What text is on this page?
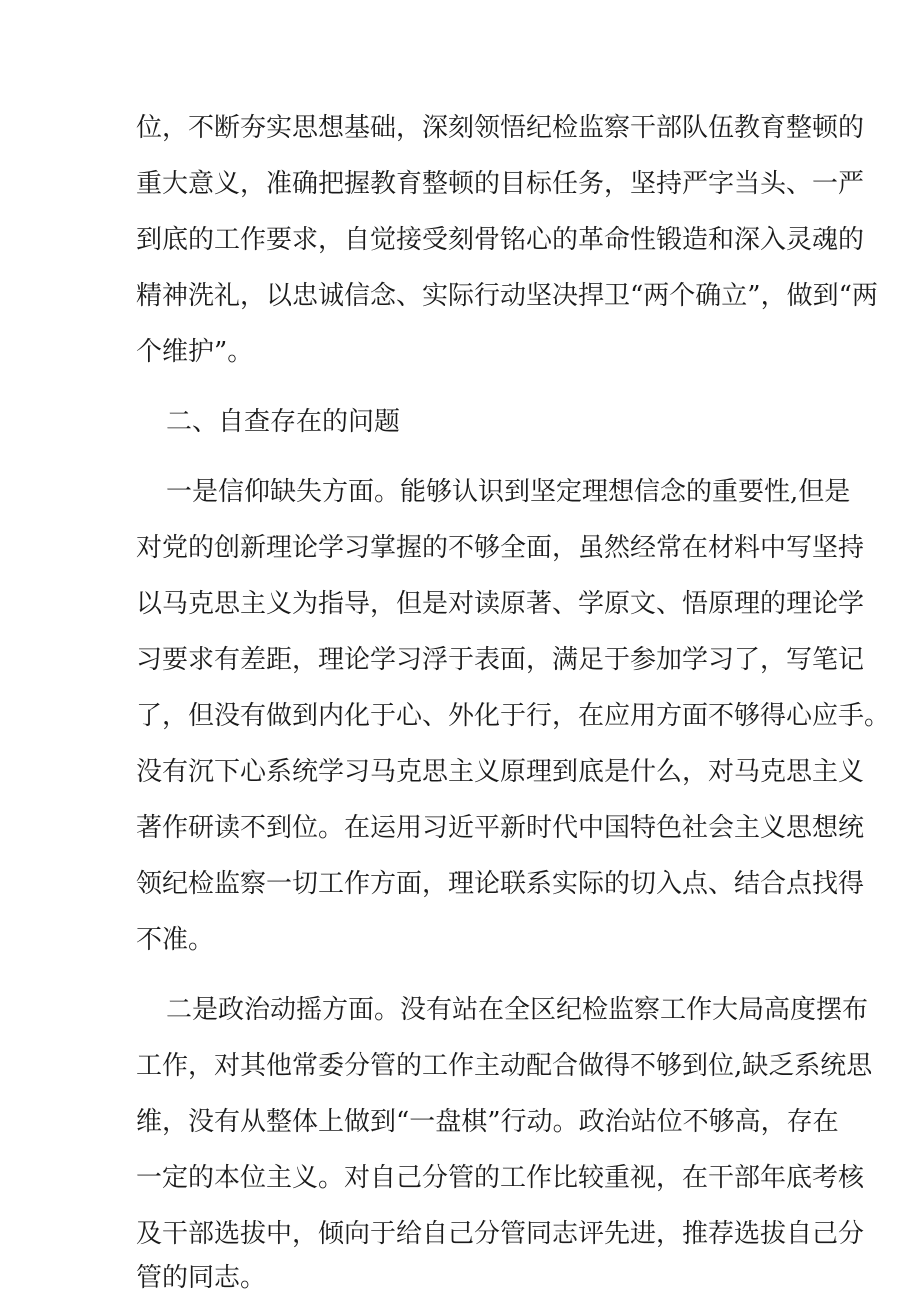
位，不断夯实思想基础，深刻领悟纪检监察干部队伍教育整顿的
重大意义，准确把握教育整顿的目标任务，坚持严字当头、一严
到底的工作要求，自觉接受刻骨铭心的革命性锻造和深入灵魂的
精神洗礼，以忠诚信念、实际行动坚决捍卫“两个确立”，做到“两
个维护”。
二、自查存在的问题
一是信仰缺失方面。能够认识到坚定理想信念的重要性,但是
对党的创新理论学习掌握的不够全面，虽然经常在材料中写坚持
以马克思主义为指导，但是对读原著、学原文、悟原理的理论学
习要求有差距，理论学习浮于表面，满足于参加学习了，写笔记
了，但没有做到内化于心、外化于行，在应用方面不够得心应手。
没有沉下心系统学习马克思主义原理到底是什么，对马克思主义
著作研读不到位。在运用习近平新时代中国特色社会主义思想统
领纪检监察一切工作方面，理论联系实际的切入点、结合点找得
不准。
二是政治动摇方面。没有站在全区纪检监察工作大局高度摆布
工作，对其他常委分管的工作主动配合做得不够到位,缺乏系统思
维，没有从整体上做到“一盘棋”行动。政治站位不够高，存在
一定的本位主义。对自己分管的工作比较重视，在干部年底考核
及干部选拔中，倾向于给自己分管同志评先进，推荐选拔自己分
管的同志。
